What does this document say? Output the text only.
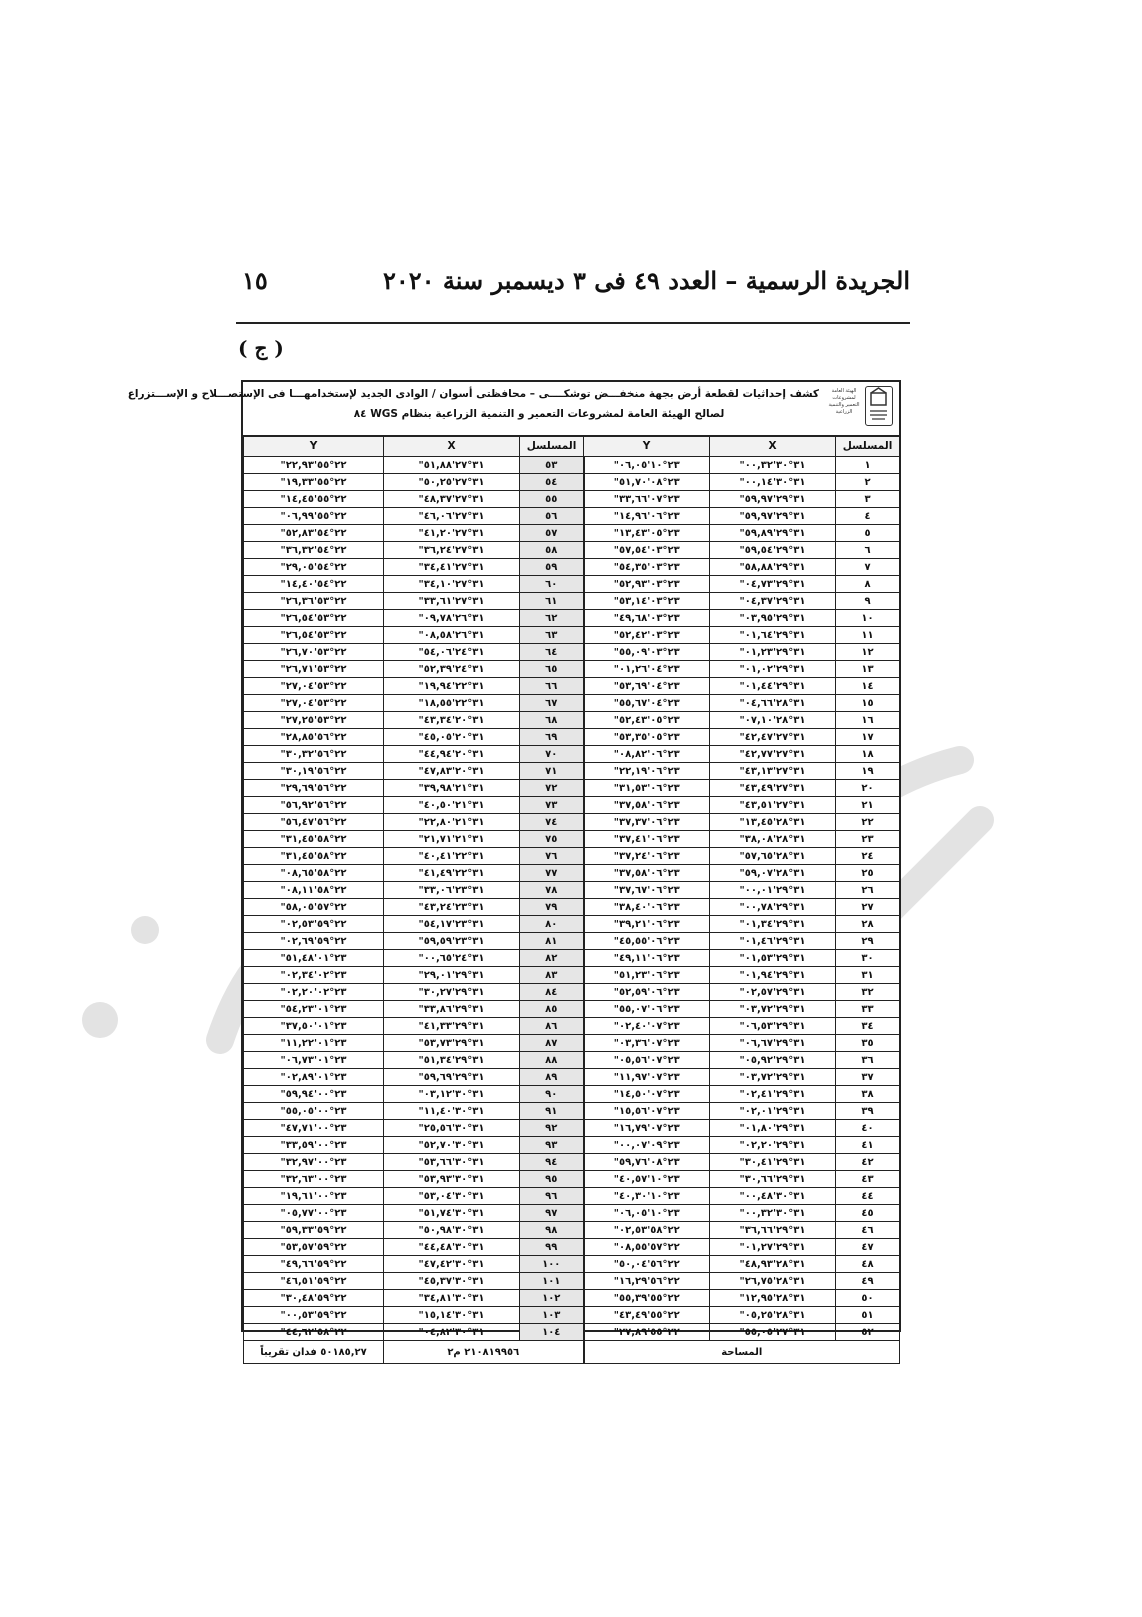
الجريدة الرسمية – العدد ٤٩ فى ٣ ديسمبر سنة ٢٠٢٠
١٥
( ج )
الهيئة العامة لمشروعات التعمير والتنمية الزراعية
كشف إحداثيات لقطعة أرض بجهة منخفـــض توشكــــى – محافظتى أسوان / الوادى الجديد لإستخدامهـــا فى الإستصـــلاح و الإســـتزراع
لصالح الهيئة العامة لمشروعات التعمير و التنمية الزراعية بنظام WGS ٨٤
المسلسل	X	Y	المسلسل	X	Y
١	٣١°٣٠'٠٠,٣٢"	٢٣°١٠'٠٦,٠٥"	٥٣	٣١°٢٧'٥١,٨٨"	٢٢°٥٥'٢٢,٩٣"
٢	٣١°٣٠'٠٠,١٤"	٢٣°٠٨'٥١,٧٠"	٥٤	٣١°٢٧'٥٠,٢٥"	٢٢°٥٥'١٩,٣٣"
٣	٣١°٢٩'٥٩,٩٧"	٢٣°٠٧'٣٣,٦٦"	٥٥	٣١°٢٧'٤٨,٣٧"	٢٢°٥٥'١٤,٤٥"
٤	٣١°٢٩'٥٩,٩٧"	٢٣°٠٦'١٤,٩٦"	٥٦	٣١°٢٧'٤٦,٠٦"	٢٢°٥٥'٠٦,٩٩"
٥	٣١°٢٩'٥٩,٨٩"	٢٣°٠٥'١٣,٤٣"	٥٧	٣١°٢٧'٤١,٢٠"	٢٢°٥٤'٥٢,٨٣"
٦	٣١°٢٩'٥٩,٥٤"	٢٣°٠٣'٥٧,٥٤"	٥٨	٣١°٢٧'٣٦,٢٤"	٢٢°٥٤'٣٦,٣٢"
٧	٣١°٢٩'٥٨,٨٨"	٢٣°٠٣'٥٤,٣٥"	٥٩	٣١°٢٧'٣٤,٤١"	٢٢°٥٤'٢٩,٠٥"
٨	٣١°٢٩'٠٤,٧٣"	٢٣°٠٣'٥٢,٩٣"	٦٠	٣١°٢٧'٣٤,١٠"	٢٢°٥٤'١٤,٤٠"
٩	٣١°٢٩'٠٤,٣٧"	٢٣°٠٣'٥٣,١٤"	٦١	٣١°٢٧'٣٣,٦١"	٢٢°٥٣'٢٦,٣٦"
١٠	٣١°٢٩'٠٣,٩٥"	٢٣°٠٣'٤٩,٦٨"	٦٢	٣١°٢٦'٠٩,٧٨"	٢٢°٥٣'٢٦,٥٤"
١١	٣١°٢٩'٠١,٦٤"	٢٣°٠٣'٥٢,٤٢"	٦٣	٣١°٢٦'٠٨,٥٨"	٢٢°٥٣'٢٦,٥٤"
١٢	٣١°٢٩'٠١,٢٣"	٢٣°٠٣'٥٥,٠٩"	٦٤	٣١°٢٤'٥٤,٠٦"	٢٢°٥٣'٢٦,٧٠"
١٣	٣١°٢٩'٠١,٠٢"	٢٣°٠٤'٠١,٢٦"	٦٥	٣١°٢٤'٥٢,٣٩"	٢٢°٥٣'٢٦,٧١"
١٤	٣١°٢٩'٠١,٤٤"	٢٣°٠٤'٥٣,٦٩"	٦٦	٣١°٢٢'١٩,٩٤"	٢٢°٥٣'٢٧,٠٤"
١٥	٣١°٢٨'٠٤,٦٦"	٢٣°٠٤'٥٥,٦٧"	٦٧	٣١°٢٢'١٨,٥٥"	٢٢°٥٣'٢٧,٠٤"
١٦	٣١°٢٨'٠٧,١٠"	٢٣°٠٥'٥٢,٤٣"	٦٨	٣١°٢٠'٤٣,٣٤"	٢٢°٥٣'٢٧,٢٥"
١٧	٣١°٢٧'٤٢,٤٧"	٢٣°٠٥'٥٣,٣٥"	٦٩	٣١°٢٠'٤٥,٠٥"	٢٢°٥٦'٢٨,٨٥"
١٨	٣١°٢٧'٤٢,٧٧"	٢٣°٠٦'٠٨,٨٢"	٧٠	٣١°٢٠'٤٤,٩٤"	٢٢°٥٦'٣٠,٣٢"
١٩	٣١°٢٧'٤٣,١٣"	٢٣°٠٦'٢٢,١٩"	٧١	٣١°٢٠'٤٧,٨٣"	٢٢°٥٦'٣٠,١٩"
٢٠	٣١°٢٧'٤٣,٤٩"	٢٣°٠٦'٣١,٥٣"	٧٢	٣١°٢١'٣٩,٩٨"	٢٢°٥٦'٢٩,٦٩"
٢١	٣١°٢٧'٤٣,٥١"	٢٣°٠٦'٣٧,٥٨"	٧٣	٣١°٢١'٤٠,٥٠"	٢٢°٥٦'٥٦,٩٢"
٢٢	٣١°٢٨'١٣,٤٥"	٢٣°٠٦'٣٧,٣٧"	٧٤	٣١°٢١'٢٢,٨٠"	٢٢°٥٦'٥٦,٤٧"
٢٣	٣١°٢٨'٣٨,٠٨"	٢٣°٠٦'٣٧,٤١"	٧٥	٣١°٢١'٢١,٧١"	٢٢°٥٨'٣١,٤٥"
٢٤	٣١°٢٨'٥٧,٦٥"	٢٣°٠٦'٣٧,٢٤"	٧٦	٣١°٢٢'٤٠,٤١"	٢٢°٥٨'٣١,٤٥"
٢٥	٣١°٢٨'٥٩,٠٧"	٢٣°٠٦'٣٧,٥٨"	٧٧	٣١°٢٢'٤١,٤٩"	٢٢°٥٨'٠٨,٦٥"
٢٦	٣١°٢٩'٠٠,٠١"	٢٣°٠٦'٣٧,٦٧"	٧٨	٣١°٢٣'٣٣,٠٦"	٢٢°٥٨'٠٨,١١"
٢٧	٣١°٢٩'٠٠,٧٨"	٢٣°٠٦'٣٨,٤٠"	٧٩	٣١°٢٣'٤٣,٢٤"	٢٢°٥٧'٥٨,٠٥"
٢٨	٣١°٢٩'٠١,٣٤"	٢٣°٠٦'٣٩,٢١"	٨٠	٣١°٢٣'٥٤,١٧"	٢٢°٥٩'٠٢,٥٣"
٢٩	٣١°٢٩'٠١,٤٦"	٢٣°٠٦'٤٥,٥٥"	٨١	٣١°٢٣'٥٩,٥٩"	٢٢°٥٩'٠٢,٦٩"
٣٠	٣١°٢٩'٠١,٥٣"	٢٣°٠٦'٤٩,١١"	٨٢	٣١°٢٤'٠٠,٦٥"	٢٣°٠١'٥١,٤٨"
٣١	٣١°٢٩'٠١,٩٤"	٢٣°٠٦'٥١,٢٣"	٨٣	٣١°٢٩'٢٩,٠١"	٢٣°٠٢'٠٢,٣٤"
٣٢	٣١°٢٩'٠٢,٥٧"	٢٣°٠٦'٥٢,٥٩"	٨٤	٣١°٢٩'٣٠,٢٧"	٢٣°٠٢'٠٢,٢٠"
٣٣	٣١°٢٩'٠٣,٧٢"	٢٣°٠٦'٥٥,٠٧"	٨٥	٣١°٢٩'٣٣,٨٦"	٢٣°٠١'٥٤,٢٣"
٣٤	٣١°٢٩'٠٦,٥٣"	٢٣°٠٧'٠٢,٤٠"	٨٦	٣١°٢٩'٤١,٣٣"	٢٣°٠١'٣٧,٥٠"
٣٥	٣١°٢٩'٠٦,٦٧"	٢٣°٠٧'٠٣,٣٦"	٨٧	٣١°٢٩'٥٣,٧٣"	٢٣°٠١'١١,٢٢"
٣٦	٣١°٢٩'٠٥,٩٢"	٢٣°٠٧'٠٥,٥٦"	٨٨	٣١°٢٩'٥١,٣٤"	٢٣°٠١'٠٦,٧٣"
٣٧	٣١°٢٩'٠٣,٧٢"	٢٣°٠٧'١١,٩٧"	٨٩	٣١°٢٩'٥٩,٦٩"	٢٣°٠١'٠٢,٨٩"
٣٨	٣١°٢٩'٠٢,٤١"	٢٣°٠٧'١٤,٥٠"	٩٠	٣١°٣٠'٠٣,١٢"	٢٣°٠٠'٥٩,٩٤"
٣٩	٣١°٢٩'٠٢,٠١"	٢٣°٠٧'١٥,٥٦"	٩١	٣١°٣٠'١١,٤٠"	٢٣°٠٠'٥٥,٠٥"
٤٠	٣١°٢٩'٠١,٨٠"	٢٣°٠٧'١٦,٧٩"	٩٢	٣١°٣٠'٢٥,٥٦"	٢٣°٠٠'٤٧,٧١"
٤١	٣١°٢٩'٠٢,٢٠"	٢٣°٠٩'٠٠,٠٧"	٩٣	٣١°٣٠'٥٢,٧٠"	٢٣°٠٠'٣٣,٥٩"
٤٢	٣١°٢٩'٣٠,٤١"	٢٣°٠٨'٥٩,٧٦"	٩٤	٣١°٣٠'٥٣,٦٦"	٢٣°٠٠'٣٢,٩٧"
٤٣	٣١°٢٩'٣٠,٦٦"	٢٣°١٠'٤٠,٥٧"	٩٥	٣١°٣٠'٥٣,٩٣"	٢٣°٠٠'٣٢,٦٣"
٤٤	٣١°٣٠'٠٠,٤٨"	٢٣°١٠'٤٠,٣٠"	٩٦	٣١°٣٠'٥٣,٠٤"	٢٣°٠٠'١٩,٦١"
٤٥	٣١°٣٠'٠٠,٣٢"	٢٣°١٠'٠٦,٠٥"	٩٧	٣١°٣٠'٥١,٧٤"	٢٣°٠٠'٠٥,٧٧"
٤٦	٣١°٢٩'٣٦,٦٦"	٢٢°٥٨'٠٢,٥٣"	٩٨	٣١°٣٠'٥٠,٩٨"	٢٢°٥٩'٥٩,٣٣"
٤٧	٣١°٢٩'٠١,٢٧"	٢٢°٥٧'٠٨,٥٥"	٩٩	٣١°٣٠'٤٤,٤٨"	٢٢°٥٩'٥٣,٥٧"
٤٨	٣١°٢٨'٤٨,٩٣"	٢٢°٥٦'٥٠,٠٤"	١٠٠	٣١°٣٠'٤٧,٤٢"	٢٢°٥٩'٤٩,٦٦"
٤٩	٣١°٢٨'٢٦,٧٥"	٢٢°٥٦'١٦,٢٩"	١٠١	٣١°٣٠'٤٥,٣٧"	٢٢°٥٩'٤٦,٥١"
٥٠	٣١°٢٨'١٢,٩٥"	٢٢°٥٥'٥٥,٣٩"	١٠٢	٣١°٣٠'٣٤,٨١"	٢٢°٥٩'٣٠,٤٨"
٥١	٣١°٢٨'٠٥,٢٥"	٢٢°٥٥'٤٣,٤٩"	١٠٣	٣١°٣٠'١٥,١٤"	٢٢°٥٩'٠٠,٥٣"
٥٢	٣١°٢٧'٥٥,٠٥"	٢٢°٥٥'٢٧,٨٩"	١٠٤	٣١°٣٠'٠٤,٨٢"	٢٢°٥٨'٤٤,٦٢"
المساحة			٢١٠٨١٩٩٥٦ م٢		٥٠١٨٥,٢٧ فدان تقريباً
